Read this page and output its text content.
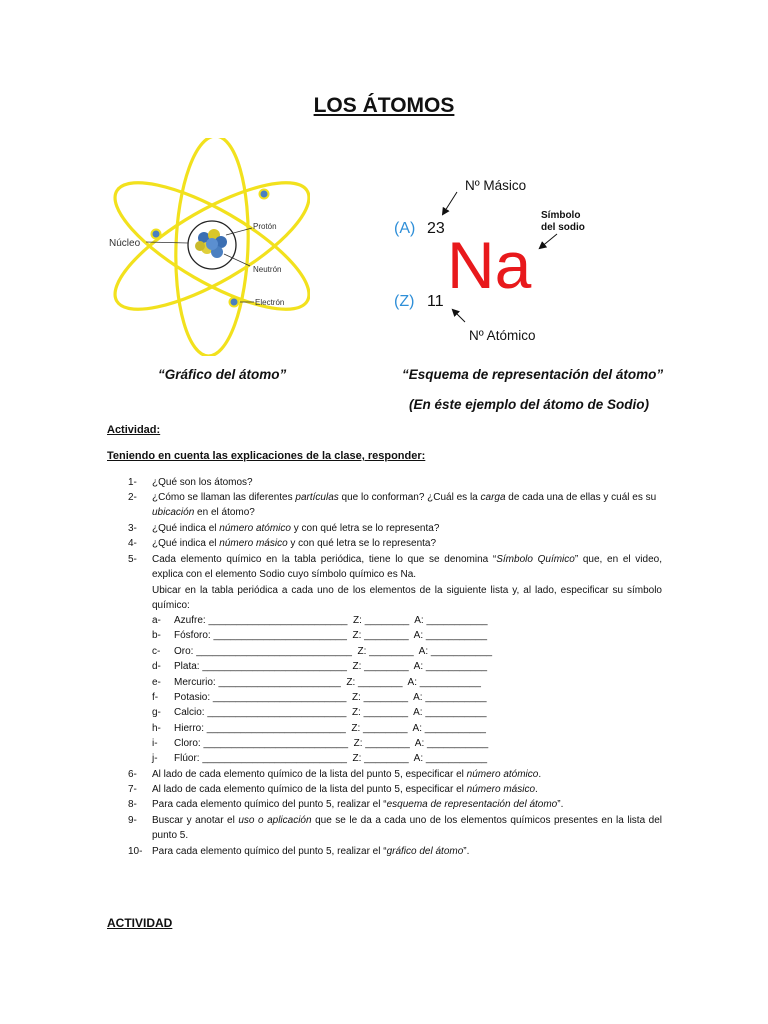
LOS ÁTOMOS
Núcleo
Protón
Neutrón
Electrón
Nº Másico
(A) 23
Símbolo
del sodio
Na
(Z) 11
Nº Atómico
“Gráfico del átomo”	“Esquema de representación del átomo”
(En éste ejemplo del átomo de Sodio)
Actividad:
Teniendo en cuenta las explicaciones de la clase, responder:
1-	¿Qué son los átomos?
2-	¿Cómo se llaman las diferentes partículas que lo conforman? ¿Cuál es la carga de cada una de ellas y cuál es su ubicación en el átomo?
3-	¿Qué indica el número atómico y con qué letra se lo representa?
4-	¿Qué indica el número másico y con qué letra se lo representa?
5-	Cada elemento químico en la tabla periódica, tiene lo que se denomina “Símbolo Químico” que, en el video, explica con el elemento Sodio cuyo símbolo químico es Na.
Ubicar en la tabla periódica a cada uno de los elementos de la siguiente lista y, al lado, especificar su símbolo químico:
a- Azufre: _________________________  Z: ________  A: ___________
b- Fósforo: ________________________  Z: ________  A: ___________
c- Oro: ____________________________  Z: ________  A: ___________
d- Plata: __________________________  Z: ________  A: ___________
e- Mercurio: ______________________  Z: ________  A: ___________
f- Potasio: ________________________  Z: ________  A: ___________
g- Calcio: _________________________  Z: ________  A: ___________
h- Hierro: _________________________  Z: ________  A: ___________
i- Cloro: __________________________  Z: ________  A: ___________
j- Flúor: __________________________  Z: ________  A: ___________
6-	Al lado de cada elemento químico de la lista del punto 5, especificar el número atómico.
7-	Al lado de cada elemento químico de la lista del punto 5, especificar el número másico.
8-	Para cada elemento químico del punto 5, realizar el “esquema de representación del átomo”.
9-	Buscar y anotar el uso o aplicación que se le da a cada uno de los elementos químicos presentes en la lista del punto 5.
10- Para cada elemento químico del punto 5, realizar el “gráfico del átomo”.
ACTIVIDAD
